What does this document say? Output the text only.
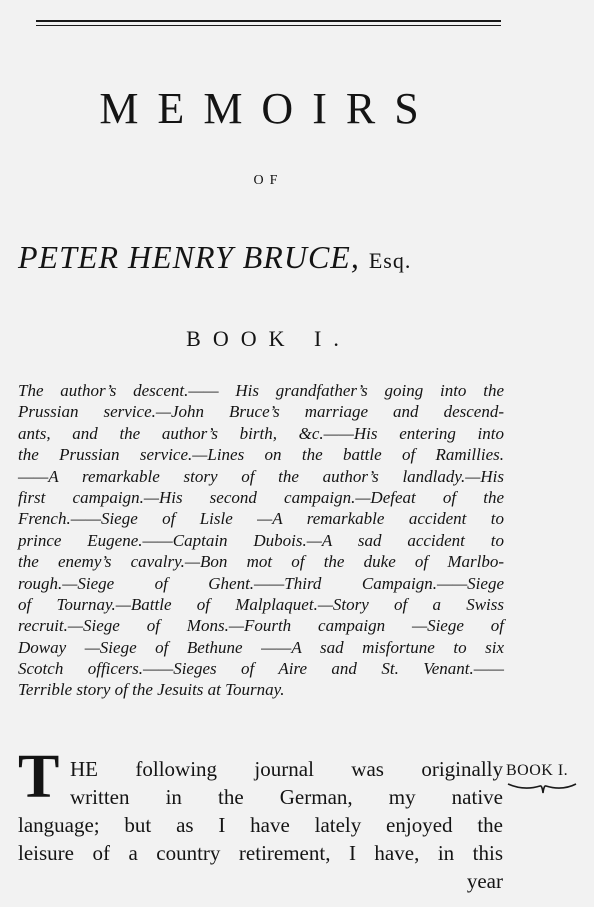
MEMOIRS
OF
PETER HENRY BRUCE, Esq.
BOOK I.
The author’s descent.—— His grandfather’s going into the
Prussian service.—John Bruce’s marriage and descend-
ants, and the author’s birth, &c.——His entering into
the Prussian service.—Lines on the battle of Ramillies.
——A remarkable story of the author’s landlady.—His
first campaign.—His second campaign.—Defeat of the
French.——Siege of Lisle —A remarkable accident to
prince Eugene.——Captain Dubois.—A sad accident to
the enemy’s cavalry.—Bon mot of the duke of Marlbo-
rough.—Siege of Ghent.——Third Campaign.——Siege
of Tournay.—Battle of Malplaquet.—Story of a Swiss
recruit.—Siege of Mons.—Fourth campaign —Siege of
Doway —Siege of Bethune ——A sad misfortune to six
Scotch officers.——Sieges of Aire and St. Venant.——
Terrible story of the Jesuits at Tournay.
T HE following journal was originally
written in the German, my native
language; but as I have lately enjoyed the
leisure of a country retirement, I have, in this
year
BOOK I.
